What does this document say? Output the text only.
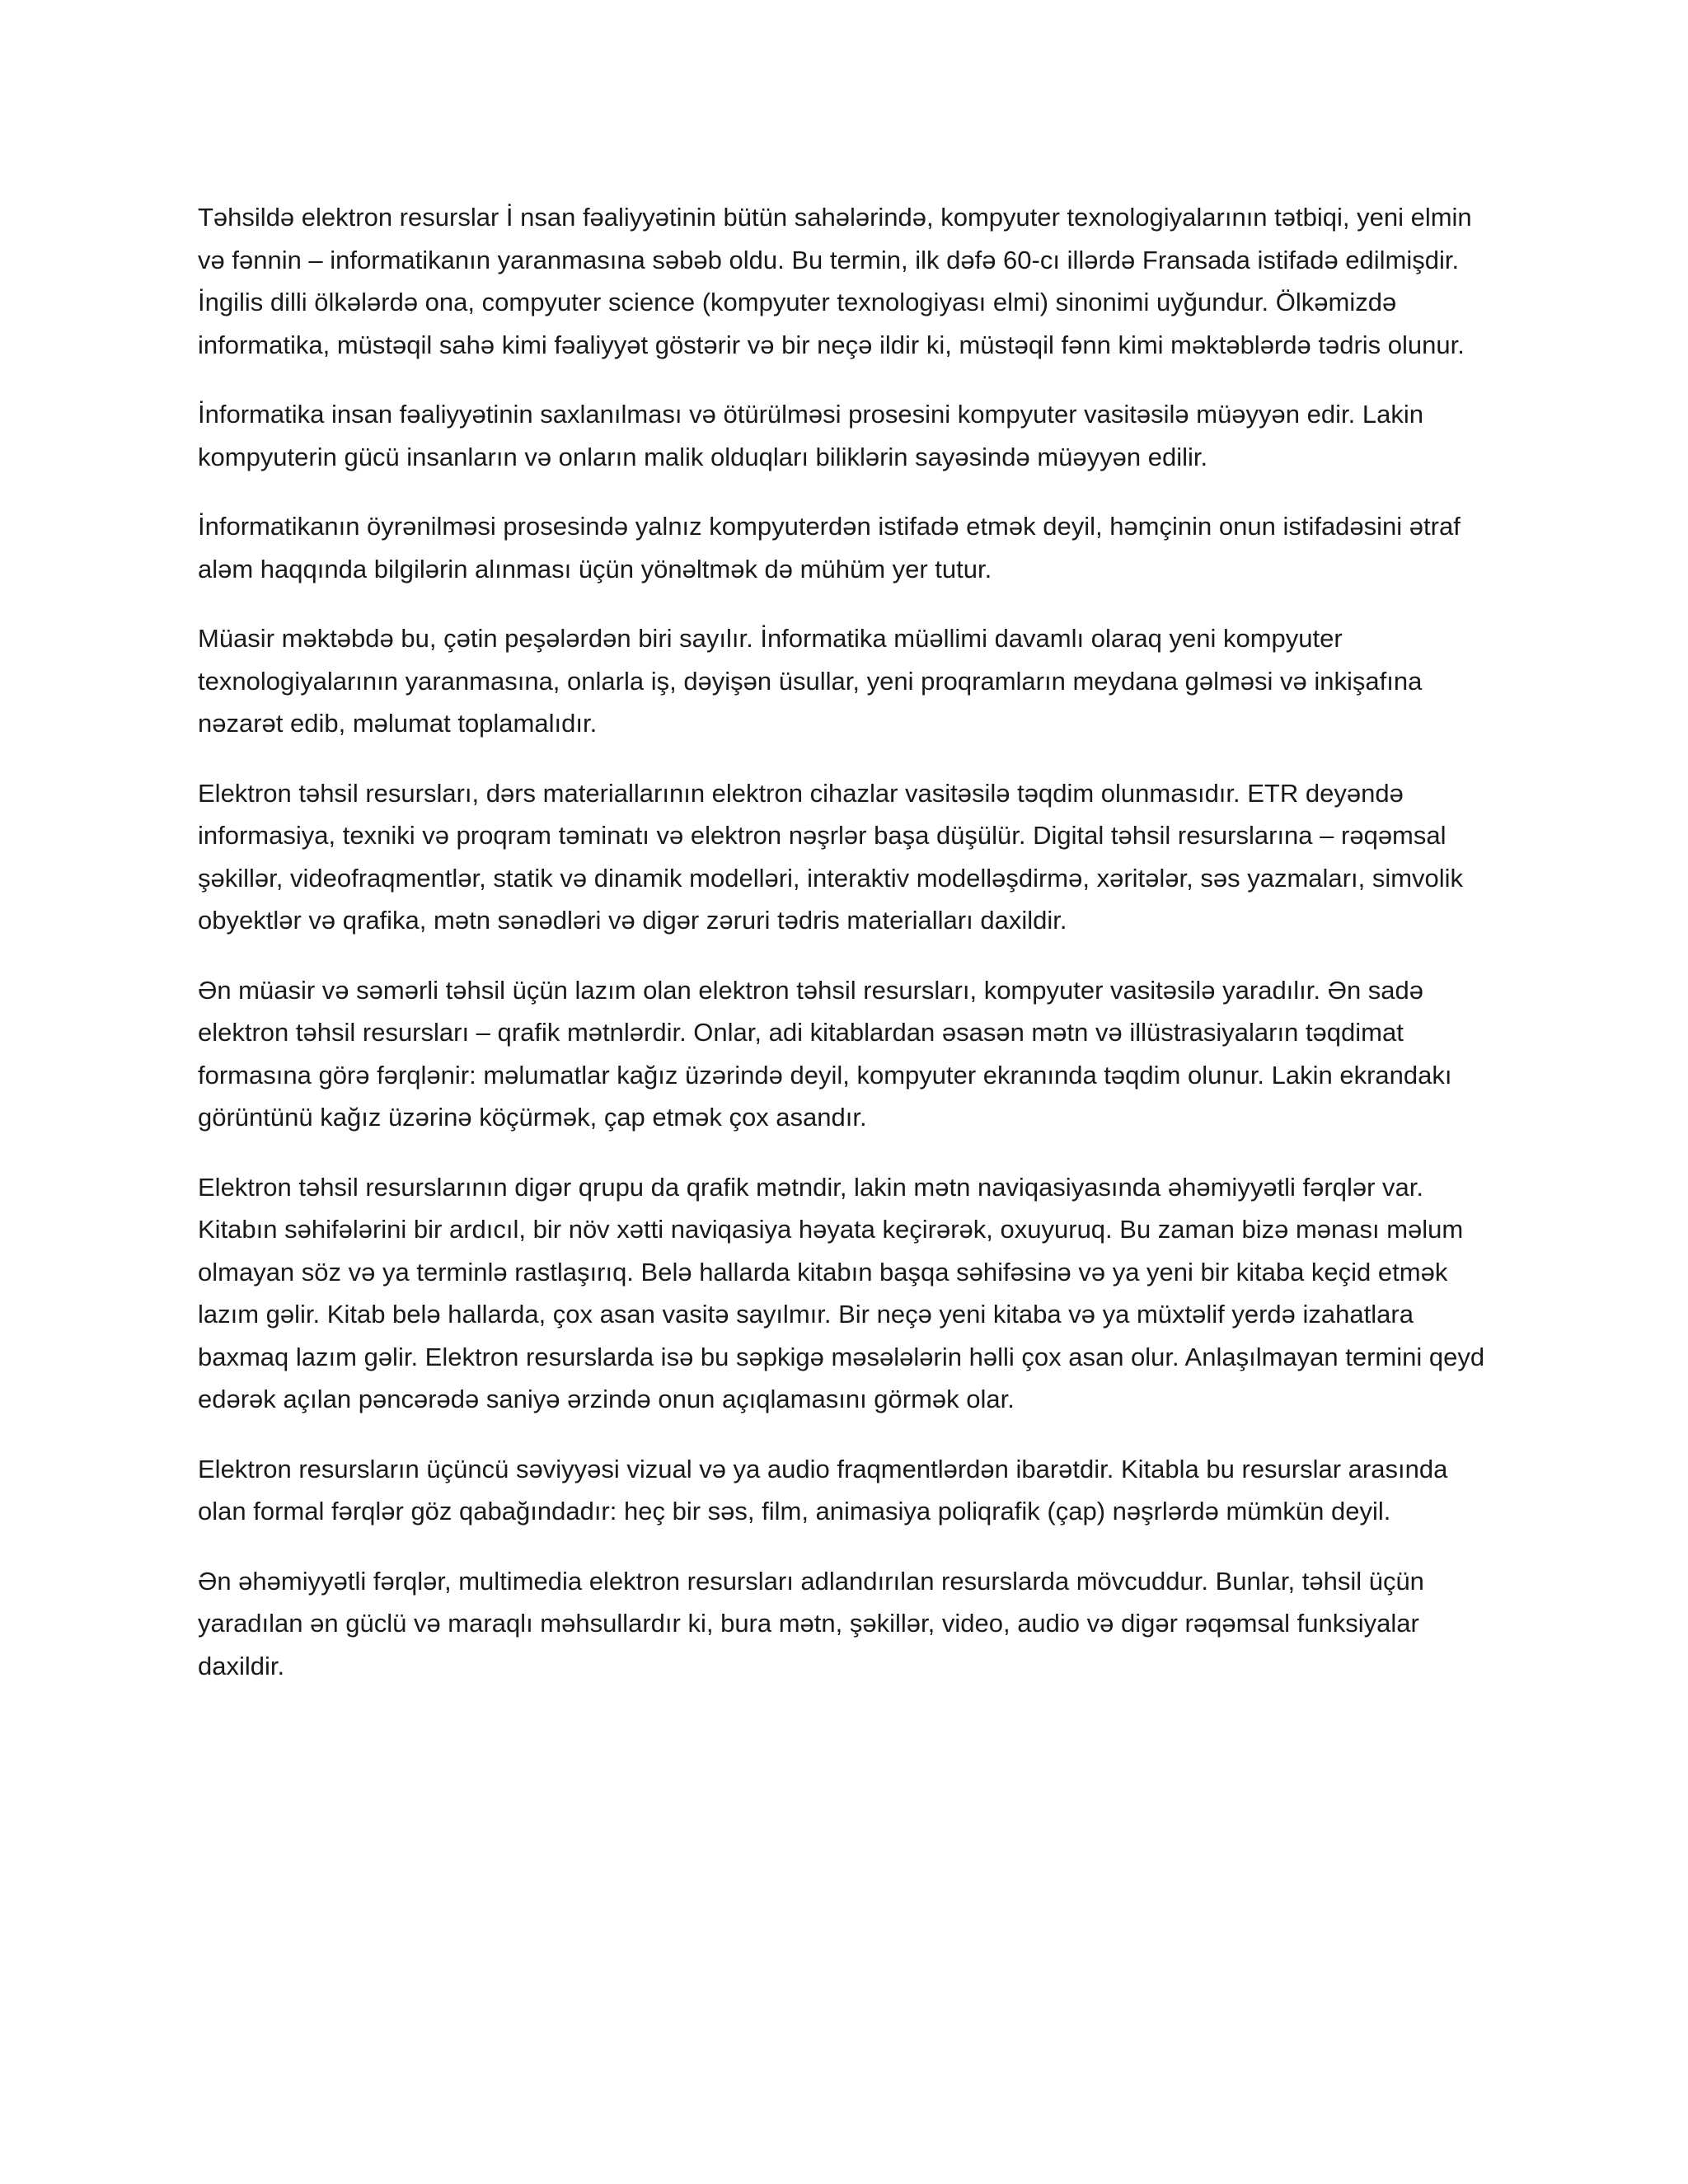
Təhsildə elektron resurslar İ nsan fəaliyyətinin bütün sahələrində, kompyuter texnologiyalarının tətbiqi, yeni elmin və fənnin – informatikanın yaranmasına səbəb oldu. Bu termin, ilk dəfə 60-cı illərdə Fransada istifadə edilmişdir. İngilis dilli ölkələrdə ona, compyuter science (kompyuter texnologiyası elmi) sinonimi uyğundur. Ölkəmizdə informatika, müstəqil sahə kimi fəaliyyət göstərir və bir neçə ildir ki, müstəqil fənn kimi məktəblərdə tədris olunur.

İnformatika insan fəaliyyətinin saxlanılması və ötürülməsi prosesini kompyuter vasitəsilə müəyyən edir. Lakin kompyuterin gücü insanların və onların malik olduqları biliklərin sayəsində müəyyən edilir.

İnformatikanın öyrənilməsi prosesində yalnız kompyuterdən istifadə etmək deyil, həmçinin onun istifadəsini ətraf aləm haqqında bilgilərin alınması üçün yönəltmək də mühüm yer tutur.

Müasir məktəbdə bu, çətin peşələrdən biri sayılır. İnformatika müəllimi davamlı olaraq yeni kompyuter texnologiyalarının yaranmasına, onlarla iş, dəyişən üsullar, yeni proqramların meydana gəlməsi və inkişafına nəzarət edib, məlumat toplamalıdır.

Elektron təhsil resursları, dərs materiallarının elektron cihazlar vasitəsilə təqdim olunmasıdır. ETR deyəndə informasiya, texniki və proqram təminatı və elektron nəşrlər başa düşülür. Digital təhsil resurslarına – rəqəmsal şəkillər, videofraqmentlər, statik və dinamik modelləri, interaktiv modelləşdirmə, xəritələr, səs yazmaları, simvolik obyektlər və qrafika, mətn sənədləri və digər zəruri tədris materialları daxildir.

Ən müasir və səmərli təhsil üçün lazım olan elektron təhsil resursları, kompyuter vasitəsilə yaradılır. Ən sadə elektron təhsil resursları – qrafik mətnlərdir. Onlar, adi kitablardan əsasən mətn və illüstrasiyaların təqdimat formasına görə fərqlənir: məlumatlar kağız üzərində deyil, kompyuter ekranında təqdim olunur. Lakin ekrandakı görüntünü kağız üzərinə köçürmək, çap etmək çox asandır.

Elektron təhsil resurslarının digər qrupu da qrafik mətndir, lakin mətn naviqasiyasında əhəmiyyətli fərqlər var. Kitabın səhifələrini bir ardıcıl, bir növ xətti naviqasiya həyata keçirərək, oxuyuruq. Bu zaman bizə mənası məlum olmayan söz və ya terminlə rastlaşırıq. Belə hallarda kitabın başqa səhifəsinə və ya yeni bir kitaba keçid etmək lazım gəlir. Kitab belə hallarda, çox asan vasitə sayılmır. Bir neçə yeni kitaba və ya müxtəlif yerdə izahatlara baxmaq lazım gəlir. Elektron resurslarda isə bu səpkigə məsələlərin həlli çox asan olur. Anlaşılmayan termini qeyd edərək açılan pəncərədə saniyə ərzində onun açıqlamasını görmək olar.

Elektron resursların üçüncü səviyyəsi vizual və ya audio fraqmentlərdən ibarətdir. Kitabla bu resurslar arasında olan formal fərqlər göz qabağındadır: heç bir səs, film, animasiya poliqrafik (çap) nəşrlərdə mümkün deyil.

Ən əhəmiyyətli fərqlər, multimedia elektron resursları adlandırılan resurslarda mövcuddur. Bunlar, təhsil üçün yaradılan ən güclü və maraqlı məhsullardır ki, bura mətn, şəkillər, video, audio və digər rəqəmsal funksiyalar daxildir.
